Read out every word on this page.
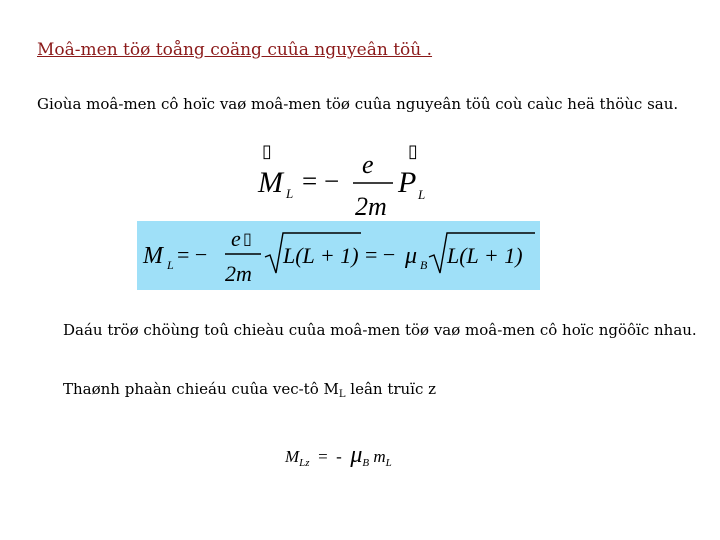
Moâ-men töø toång coäng cuûa nguyeân töû .
Gioùa moâ-men cô hoïc vaø moâ-men töø cuûa nguyeân töû coù caùc heä thöùc sau.
▯
M L = −
e
2m
▯
P L
M L = −
e ▯
2m
L(L + 1) = − μ B L(L + 1)
Daáu tröø chöùng toû chieàu cuûa moâ-men töø vaø moâ-men cô hoïc ngöôïc nhau.
Thaønh phaàn chieáu cuûa vec-tô $M_L$ leân truïc z
$M_{Lz}$ = - $\mu_B$ $m_L$
